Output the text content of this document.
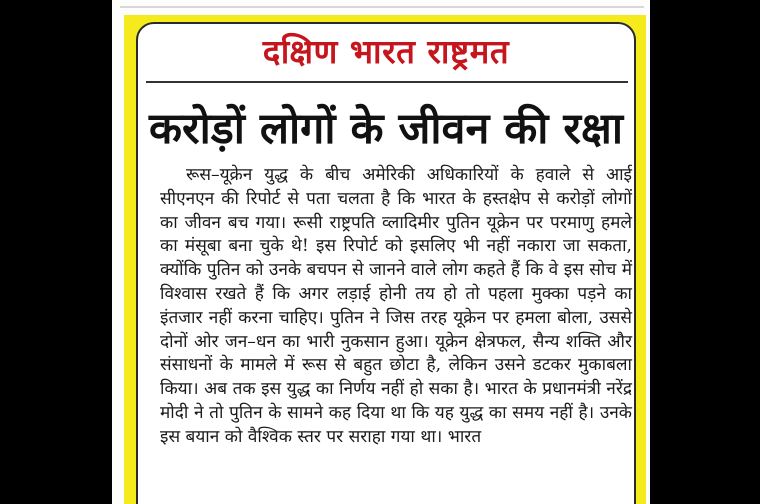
दक्षिण भारत राष्ट्रमत
करोड़ों लोगों के जीवन की रक्षा
रूस–यूक्रेन युद्ध के बीच अमेरिकी अधिकारियों के हवाले से आई सीएनएन की रिपोर्ट से पता चलता है कि भारत के हस्तक्षेप से करोड़ों लोगों का जीवन बच गया। रूसी राष्ट्रपति व्लादिमीर पुतिन यूक्रेन पर परमाणु हमले का मंसूबा बना चुके थे! इस रिपोर्ट को इसलिए भी नहीं नकारा जा सकता, क्योंकि पुतिन को उनके बचपन से जानने वाले लोग कहते हैं कि वे इस सोच में विश्वास रखते हैं कि अगर लड़ाई होनी तय हो तो पहला मुक्का पड़ने का इंतजार नहीं करना चाहिए। पुतिन ने जिस तरह यूक्रेन पर हमला बोला, उससे दोनों ओर जन–धन का भारी नुकसान हुआ। यूक्रेन क्षेत्रफल, सैन्य शक्ति और संसाधनों के मामले में रूस से बहुत छोटा है, लेकिन उसने डटकर मुकाबला किया। अब तक इस युद्ध का निर्णय नहीं हो सका है। भारत के प्रधानमंत्री नरेंद्र मोदी ने तो पुतिन के सामने कह दिया था कि यह युद्ध का समय नहीं है। उनके इस बयान को वैश्विक स्तर पर सराहा गया था। भारत
